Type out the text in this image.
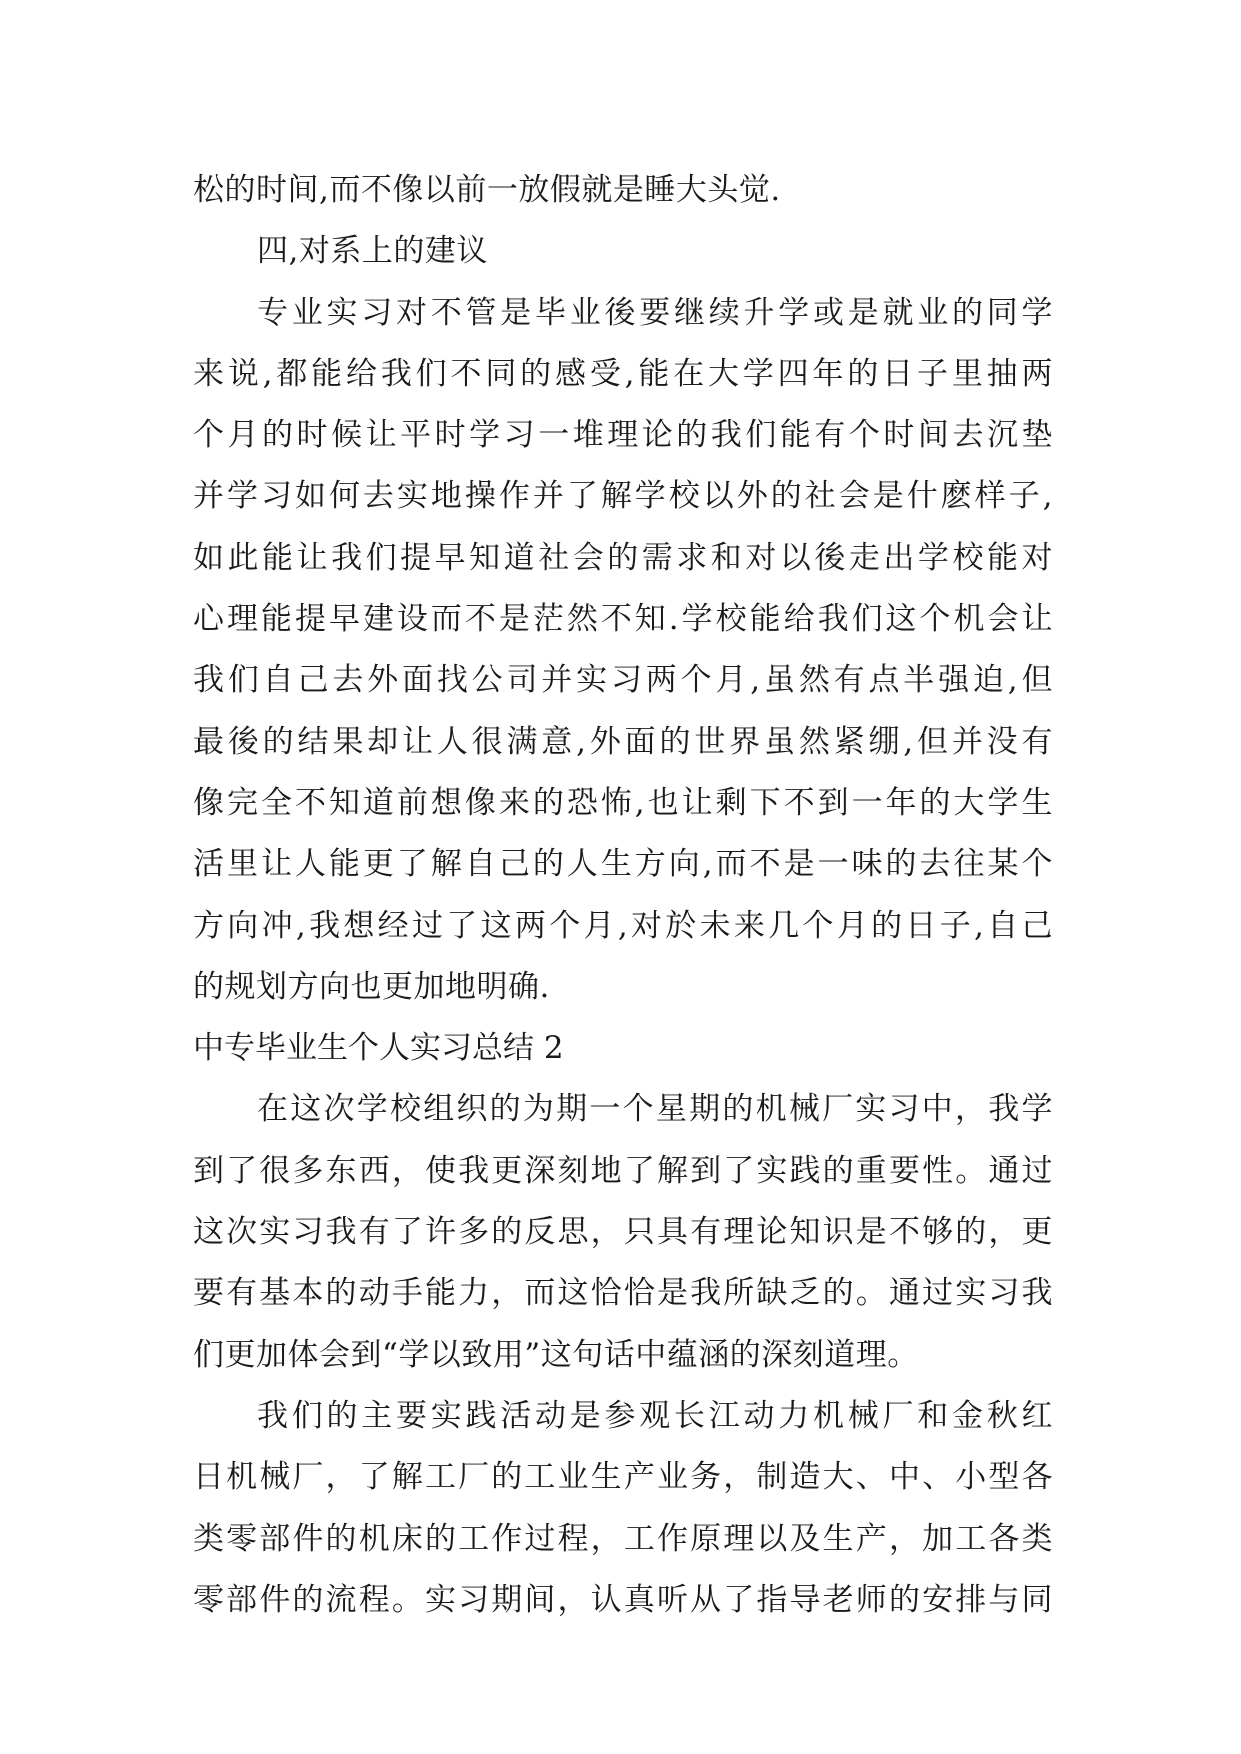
松的时间,而不像以前一放假就是睡大头觉.
四,对系上的建议
专业实习对不管是毕业後要继续升学或是就业的同学
来说,都能给我们不同的感受,能在大学四年的日子里抽两
个月的时候让平时学习一堆理论的我们能有个时间去沉垫
并学习如何去实地操作并了解学校以外的社会是什麽样子,
如此能让我们提早知道社会的需求和对以後走出学校能对
心理能提早建设而不是茫然不知.学校能给我们这个机会让
我们自己去外面找公司并实习两个月,虽然有点半强迫,但
最後的结果却让人很满意,外面的世界虽然紧绷,但并没有
像完全不知道前想像来的恐怖,也让剩下不到一年的大学生
活里让人能更了解自己的人生方向,而不是一味的去往某个
方向冲,我想经过了这两个月,对於未来几个月的日子,自己
的规划方向也更加地明确.
中专毕业生个人实习总结 2
在这次学校组织的为期一个星期的机械厂实习中，我学
到了很多东西，使我更深刻地了解到了实践的重要性。通过
这次实习我有了许多的反思，只具有理论知识是不够的，更
要有基本的动手能力，而这恰恰是我所缺乏的。通过实习我
们更加体会到“学以致用”这句话中蕴涵的深刻道理。
我们的主要实践活动是参观长江动力机械厂和金秋红
日机械厂，了解工厂的工业生产业务，制造大、中、小型各
类零部件的机床的工作过程，工作原理以及生产，加工各类
零部件的流程。实习期间，认真听从了指导老师的安排与同
